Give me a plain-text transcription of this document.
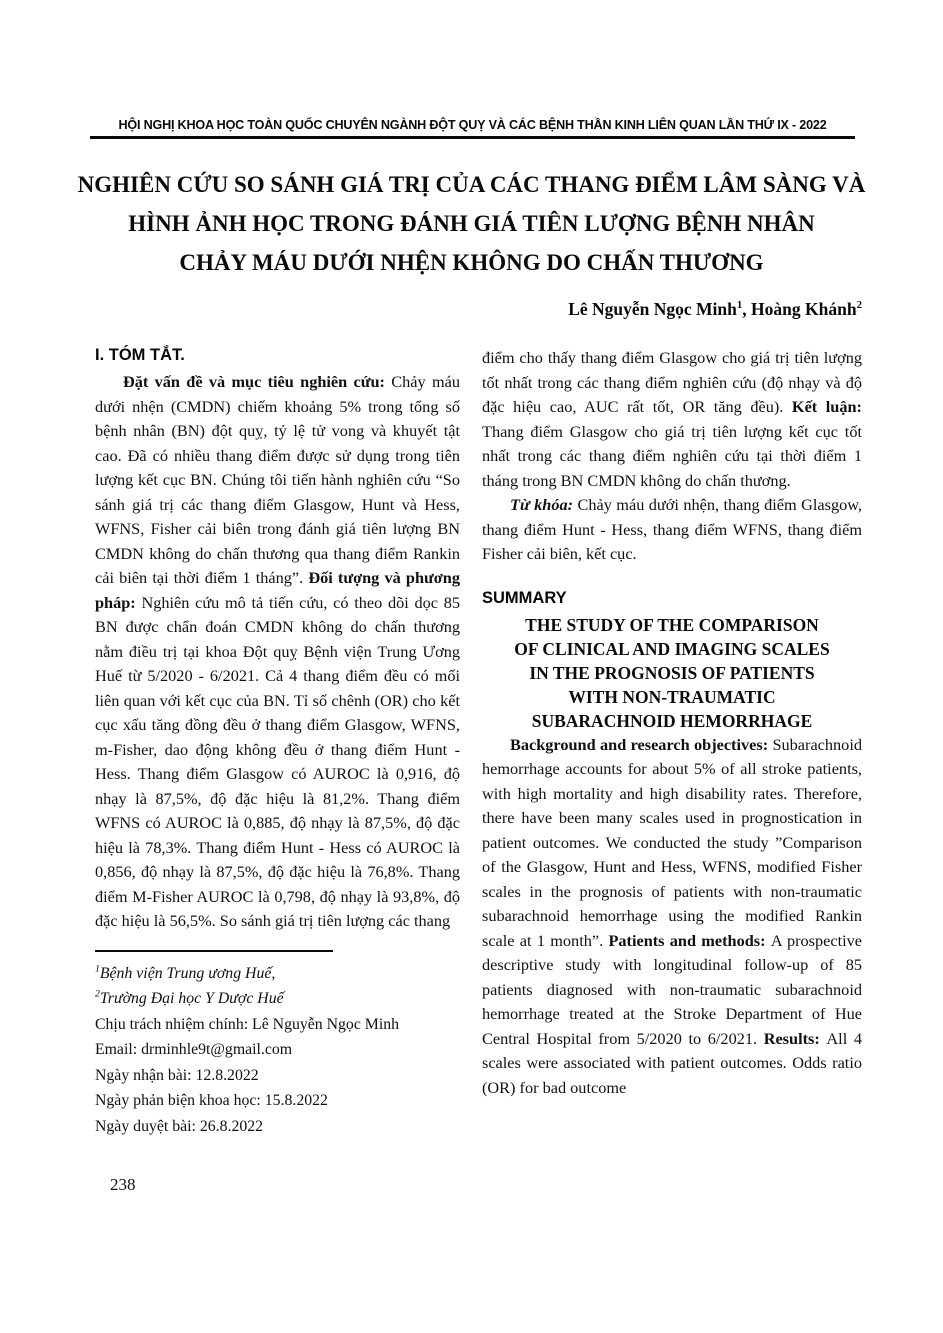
HỘI NGHỊ KHOA HỌC TOÀN QUỐC CHUYÊN NGÀNH ĐỘT QUỴ VÀ CÁC BỆNH THẦN KINH LIÊN QUAN LẦN THỨ IX - 2022
NGHIÊN CỨU SO SÁNH GIÁ TRỊ CỦA CÁC THANG ĐIỂM LÂM SÀNG VÀ
HÌNH ẢNH HỌC TRONG ĐÁNH GIÁ TIÊN LƯỢNG BỆNH NHÂN
CHẢY MÁU DƯỚI NHỆN KHÔNG DO CHẤN THƯƠNG
Lê Nguyễn Ngọc Minh$^1$, Hoàng Khánh$^2$
I. TÓM TẮT.

Đặt vấn đề và mục tiêu nghiên cứu: Chảy máu dưới nhện (CMDN) chiếm khoảng 5% trong tổng số bệnh nhân (BN) đột quỵ, tỷ lệ tử vong và khuyết tật cao. Đã có nhiều thang điểm được sử dụng trong tiên lượng kết cục BN. Chúng tôi tiến hành nghiên cứu “So sánh giá trị các thang điểm Glasgow, Hunt và Hess, WFNS, Fisher cải biên trong đánh giá tiên lượng BN CMDN không do chấn thương qua thang điểm Rankin cải biên tại thời điểm 1 tháng”. Đối tượng và phương pháp: Nghiên cứu mô tả tiến cứu, có theo dõi dọc 85 BN được chẩn đoán CMDN không do chấn thương nằm điều trị tại khoa Đột quỵ Bệnh viện Trung Ương Huế từ 5/2020 - 6/2021. Cả 4 thang điểm đều có mối liên quan với kết cục của BN. Tỉ số chênh (OR) cho kết cục xấu tăng đồng đều ở thang điểm Glasgow, WFNS, m-Fisher, dao động không đều ở thang điểm Hunt - Hess. Thang điểm Glasgow có AUROC là 0,916, độ nhạy là 87,5%, độ đặc hiệu là 81,2%. Thang điểm WFNS có AUROC là 0,885, độ nhạy là 87,5%, độ đặc hiệu là 78,3%. Thang điểm Hunt - Hess có AUROC là 0,856, độ nhạy là 87,5%, độ đặc hiệu là 76,8%. Thang điểm M-Fisher AUROC là 0,798, độ nhạy là 93,8%, độ đặc hiệu là 56,5%. So sánh giá trị tiên lượng các thang

$^1$Bệnh viện Trung ương Huế,
$^2$Trường Đại học Y Dược Huế
Chịu trách nhiệm chính: Lê Nguyễn Ngọc Minh
Email: drminhle9t@gmail.com
Ngày nhận bài: 12.8.2022
Ngày phản biện khoa học: 15.8.2022
Ngày duyệt bài: 26.8.2022

điểm cho thấy thang điểm Glasgow cho giá trị tiên lượng tốt nhất trong các thang điểm nghiên cứu (độ nhạy và độ đặc hiệu cao, AUC rất tốt, OR tăng đều). Kết luận: Thang điểm Glasgow cho giá trị tiên lượng kết cục tốt nhất trong các thang điểm nghiên cứu tại thời điểm 1 tháng trong BN CMDN không do chấn thương.

Từ khóa: Chảy máu dưới nhện, thang điểm Glasgow, thang điểm Hunt - Hess, thang điểm WFNS, thang điểm Fisher cải biên, kết cục.

SUMMARY
THE STUDY OF THE COMPARISON
OF CLINICAL AND IMAGING SCALES
IN THE PROGNOSIS OF PATIENTS
WITH NON-TRAUMATIC
SUBARACHNOID HEMORRHAGE

Background and research objectives: Subarachnoid hemorrhage accounts for about 5% of all stroke patients, with high mortality and high disability rates. Therefore, there have been many scales used in prognostication in patient outcomes. We conducted the study ”Comparison of the Glasgow, Hunt and Hess, WFNS, modified Fisher scales in the prognosis of patients with non-traumatic subarachnoid hemorrhage using the modified Rankin scale at 1 month”. Patients and methods: A prospective descriptive study with longitudinal follow-up of 85 patients diagnosed with non-traumatic subarachnoid hemorrhage treated at the Stroke Department of Hue Central Hospital from 5/2020 to 6/2021. Results: All 4 scales were associated with patient outcomes. Odds ratio (OR) for bad outcome

238
